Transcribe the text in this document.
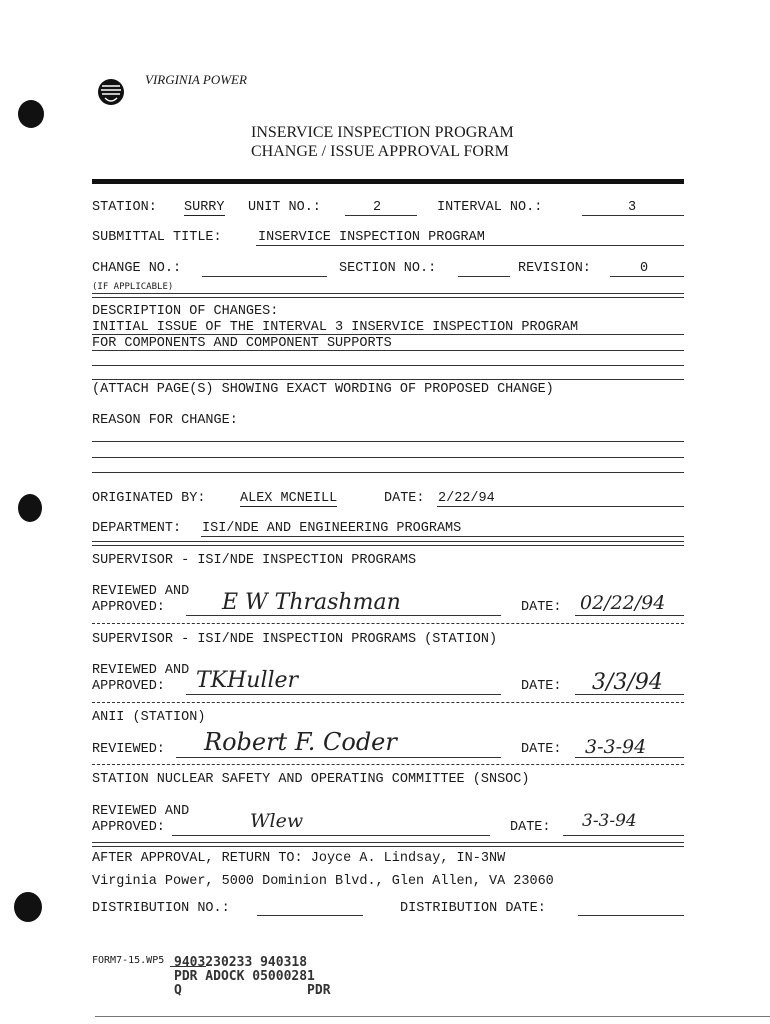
VIRGINIA POWER
INSERVICE INSPECTION PROGRAM
CHANGE / ISSUE APPROVAL FORM
STATION: SURRY UNIT NO.:	2	INTERVAL NO.:	3
SUBMITTAL TITLE:	INSERVICE INSPECTION PROGRAM
CHANGE NO.:
(IF APPLICABLE)
SECTION NO.:	REVISION:	0
DESCRIPTION OF CHANGES:
INITIAL ISSUE OF THE INTERVAL 3 INSERVICE INSPECTION PROGRAM
FOR COMPONENTS AND COMPONENT SUPPORTS
(ATTACH PAGE(S) SHOWING EXACT WORDING OF PROPOSED CHANGE)
REASON FOR CHANGE:
ORIGINATED BY:	ALEX MCNEILL	DATE: 2/22/94
DEPARTMENT: ISI/NDE AND ENGINEERING PROGRAMS
SUPERVISOR - ISI/NDE INSPECTION PROGRAMS
REVIEWED AND
APPROVED:	E W Thrashman	DATE: 02/22/94
SUPERVISOR - ISI/NDE INSPECTION PROGRAMS (STATION)
REVIEWED AND
APPROVED: TKHuller	DATE: 3/3/94
ANII (STATION)
REVIEWED: Robert F. Coder	DATE: 3-3-94
STATION NUCLEAR SAFETY AND OPERATING COMMITTEE (SNSOC)
REVIEWED AND
APPROVED:	Wlew	DATE: 3-3-94
AFTER APPROVAL, RETURN TO: Joyce A. Lindsay, IN-3NW
Virginia Power, 5000 Dominion Blvd., Glen Allen, VA 23060
DISTRIBUTION NO.:	DISTRIBUTION DATE:
FORM7-15.WP5 9403230233 940318
PDR ADOCK 05000281
Q                PDR
